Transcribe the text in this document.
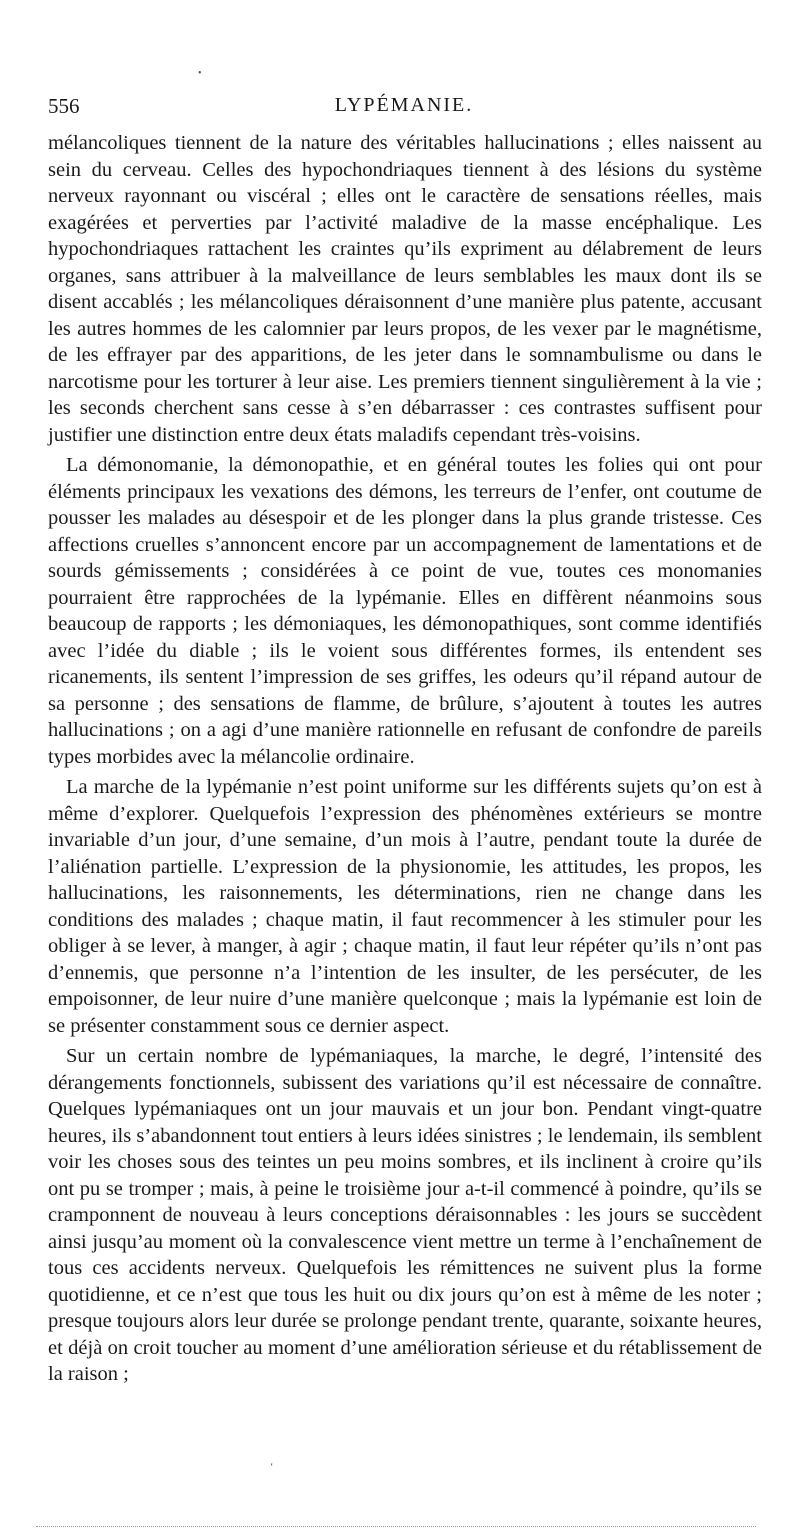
•
556	LYPÉMANIE.

mélancoliques tiennent de la nature des véritables hallucinations ; elles naissent au sein du cerveau. Celles des hypochondriaques tiennent à des lésions du système nerveux rayonnant ou viscéral ; elles ont le caractère de sensations réelles, mais exagérées et perverties par l’activité maladive de la masse encéphalique. Les hypochondriaques rattachent les craintes qu’ils expriment au délabrement de leurs organes, sans attribuer à la malveillance de leurs semblables les maux dont ils se disent accablés ; les mélancoliques déraisonnent d’une manière plus patente, accusant les autres hommes de les calomnier par leurs propos, de les vexer par le magnétisme, de les effrayer par des apparitions, de les jeter dans le somnambulisme ou dans le narcotisme pour les torturer à leur aise. Les premiers tiennent singulièrement à la vie ; les seconds cherchent sans cesse à s’en débarrasser : ces contrastes suffisent pour justifier une distinction entre deux états maladifs cependant très-voisins.

La démonomanie, la démonopathie, et en général toutes les folies qui ont pour éléments principaux les vexations des démons, les terreurs de l’enfer, ont coutume de pousser les malades au désespoir et de les plonger dans la plus grande tristesse. Ces affections cruelles s’annoncent encore par un accompagnement de lamentations et de sourds gémissements ; considérées à ce point de vue, toutes ces monomanies pourraient être rapprochées de la lypémanie. Elles en diffèrent néanmoins sous beaucoup de rapports ; les démoniaques, les démonopathiques, sont comme identifiés avec l’idée du diable ; ils le voient sous différentes formes, ils entendent ses ricanements, ils sentent l’impression de ses griffes, les odeurs qu’il répand autour de sa personne ; des sensations de flamme, de brûlure, s’ajoutent à toutes les autres hallucinations ; on a agi d’une manière rationnelle en refusant de confondre de pareils types morbides avec la mélancolie ordinaire.

La marche de la lypémanie n’est point uniforme sur les différents sujets qu’on est à même d’explorer. Quelquefois l’expression des phénomènes extérieurs se montre invariable d’un jour, d’une semaine, d’un mois à l’autre, pendant toute la durée de l’aliénation partielle. L’expression de la physionomie, les attitudes, les propos, les hallucinations, les raisonnements, les déterminations, rien ne change dans les conditions des malades ; chaque matin, il faut recommencer à les stimuler pour les obliger à se lever, à manger, à agir ; chaque matin, il faut leur répéter qu’ils n’ont pas d’ennemis, que personne n’a l’intention de les insulter, de les persécuter, de les empoisonner, de leur nuire d’une manière quelconque ; mais la lypémanie est loin de se présenter constamment sous ce dernier aspect.

Sur un certain nombre de lypémaniaques, la marche, le degré, l’intensité des dérangements fonctionnels, subissent des variations qu’il est nécessaire de connaître. Quelques lypémaniaques ont un jour mauvais et un jour bon. Pendant vingt-quatre heures, ils s’abandonnent tout entiers à leurs idées sinistres ; le lendemain, ils semblent voir les choses sous des teintes un peu moins sombres, et ils inclinent à croire qu’ils ont pu se tromper ; mais, à peine le troisième jour a-t-il commencé à poindre, qu’ils se cramponnent de nouveau à leurs conceptions déraisonnables : les jours se succèdent ainsi jusqu’au moment où la convalescence vient mettre un terme à l’enchaînement de tous ces accidents nerveux. Quelquefois les rémittences ne suivent plus la forme quotidienne, et ce n’est que tous les huit ou dix jours qu’on est à même de les noter ; presque toujours alors leur durée se prolonge pendant trente, quarante, soixante heures, et déjà on croit toucher au moment d’une amélioration sérieuse et du rétablissement de la raison ;

ʻ
